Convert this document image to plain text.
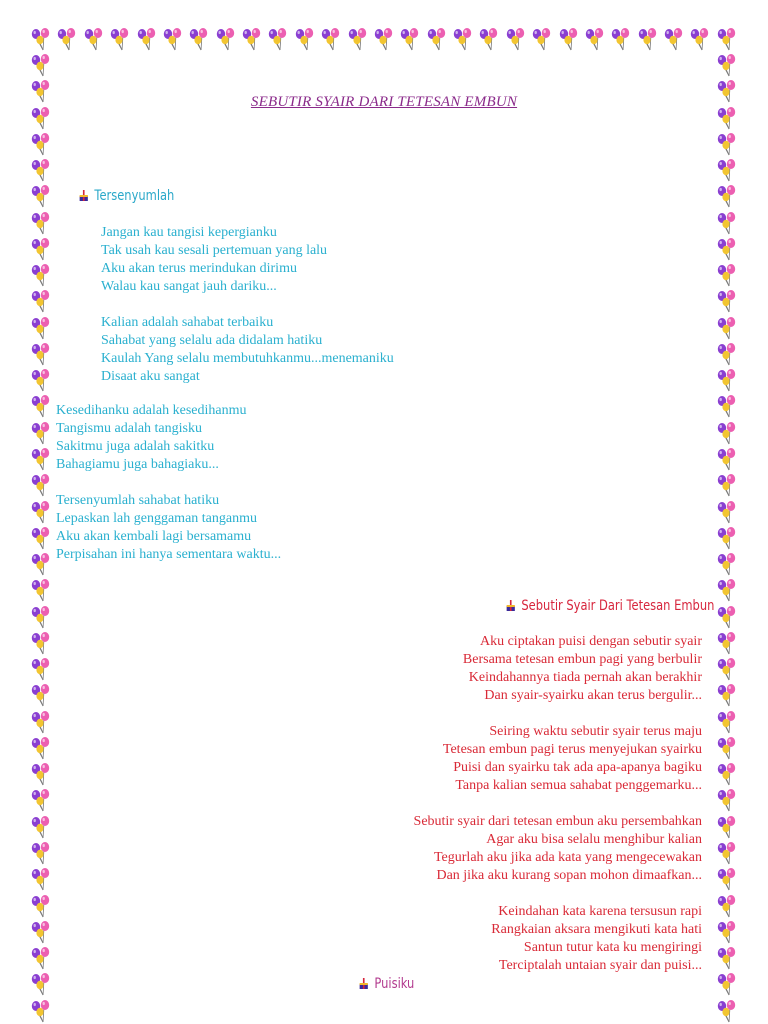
SEBUTIR SYAIR DARI TETESAN EMBUN
Tersenyumlah
Jangan kau tangisi kepergianku
Tak usah kau sesali pertemuan yang lalu
Aku akan terus merindukan dirimu
Walau kau sangat jauh dariku...
Kalian adalah sahabat terbaiku
Sahabat yang selalu ada didalam hatiku
Kaulah Yang selalu membutuhkanmu...menemaniku
Disaat aku sangat
Kesedihanku adalah kesedihanmu
Tangismu adalah tangisku
Sakitmu juga adalah sakitku
Bahagiamu juga bahagiaku...
Tersenyumlah sahabat hatiku
Lepaskan lah genggaman tanganmu
Aku akan kembali lagi bersamamu
Perpisahan ini hanya sementara waktu...
Sebutir Syair Dari Tetesan Embun
Aku ciptakan puisi dengan sebutir syair
Bersama tetesan embun pagi yang berbulir
Keindahannya tiada pernah akan berakhir
Dan syair-syairku akan terus bergulir...
Seiring waktu sebutir syair terus maju
Tetesan embun pagi terus menyejukan syairku
Puisi dan syairku tak ada apa-apanya bagiku
Tanpa kalian semua sahabat penggemarku...
Sebutir syair dari tetesan embun aku persembahkan
Agar aku bisa selalu menghibur kalian
Tegurlah aku jika ada kata yang mengecewakan
Dan jika aku kurang sopan mohon dimaafkan...
Keindahan kata karena tersusun rapi
Rangkaian aksara mengikuti kata hati
Santun tutur kata ku mengiringi
Terciptalah untaian syair dan puisi...
Puisiku
